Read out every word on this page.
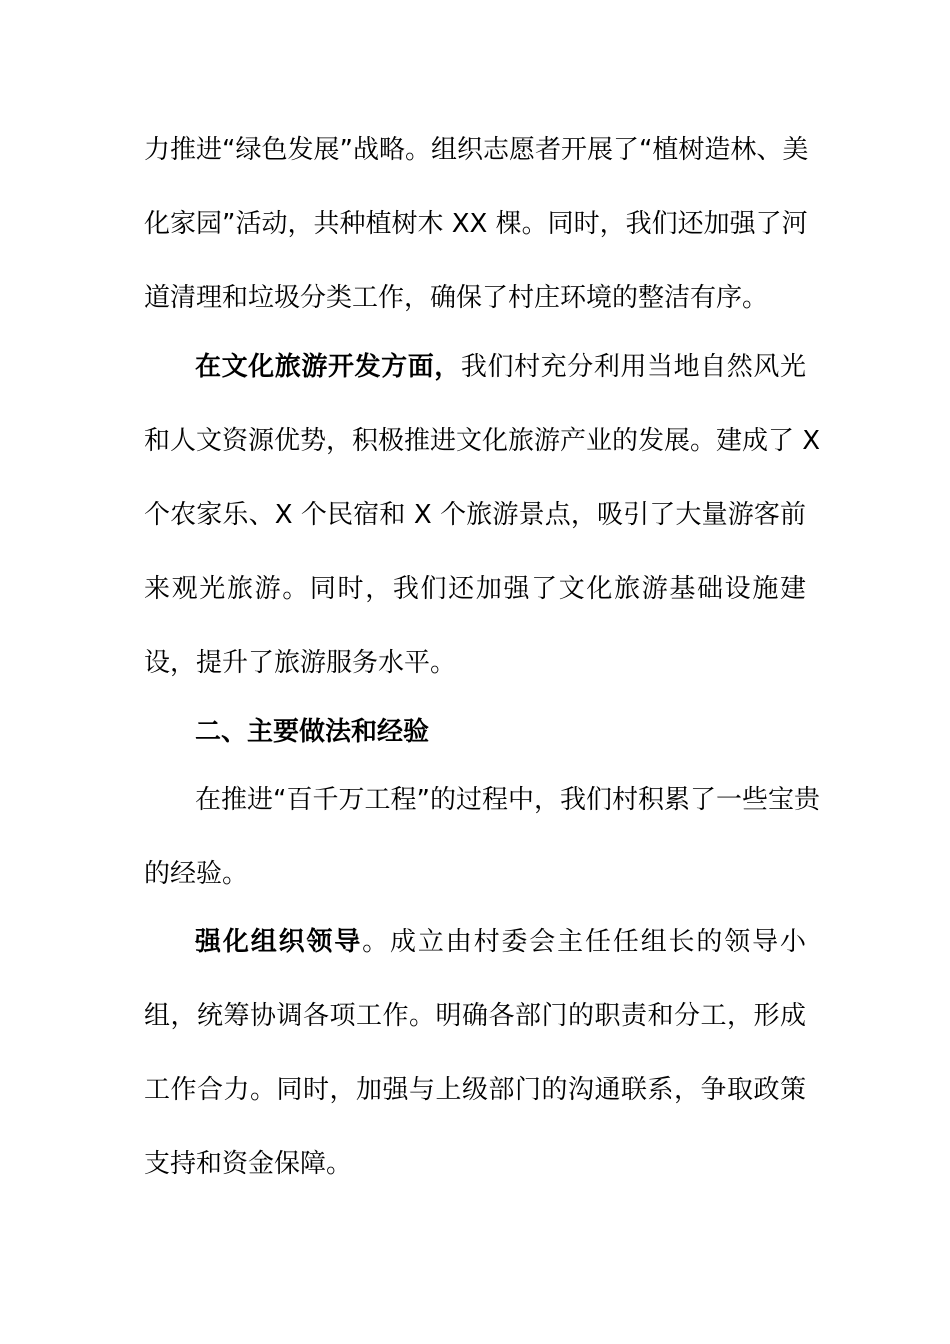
力推进“绿色发展”战略。组织志愿者开展了“植树造林、美
化家园”活动，共种植树木 XX 棵。同时，我们还加强了河
道清理和垃圾分类工作，确保了村庄环境的整洁有序。
在文化旅游开发方面，我们村充分利用当地自然风光
和人文资源优势，积极推进文化旅游产业的发展。建成了 X
个农家乐、X 个民宿和 X 个旅游景点，吸引了大量游客前
来观光旅游。同时，我们还加强了文化旅游基础设施建
设，提升了旅游服务水平。
二、主要做法和经验
在推进“百千万工程”的过程中，我们村积累了一些宝贵
的经验。
强化组织领导。成立由村委会主任任组长的领导小
组，统筹协调各项工作。明确各部门的职责和分工，形成
工作合力。同时，加强与上级部门的沟通联系，争取政策
支持和资金保障。
